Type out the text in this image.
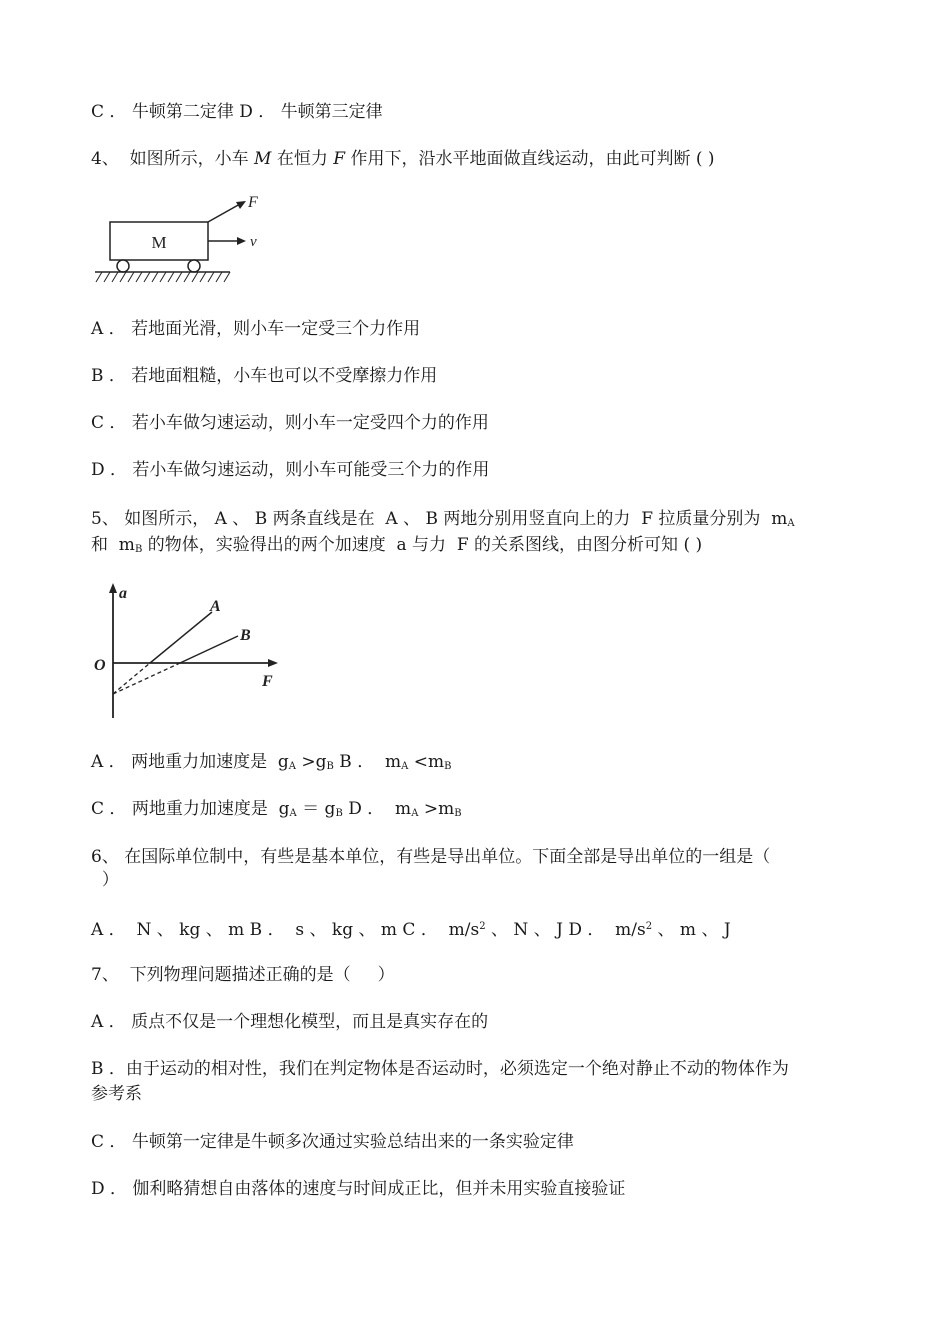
C ． 牛顿第二定律 D ． 牛顿第三定律
4、  如图所示，小车 M 在恒力 F 作用下，沿水平地面做直线运动，由此可判断 ( )
M
F
v
A ． 若地面光滑，则小车一定受三个力作用
B ． 若地面粗糙，小车也可以不受摩擦力作用
C ． 若小车做匀速运动，则小车一定受四个力的作用
D ． 若小车做匀速运动，则小车可能受三个力的作用
5、 如图所示， A 、 B 两条直线是在  A 、 B 两地分别用竖直向上的力  F 拉质量分别为  $m_A$
和  $m_B$ 的物体，实验得出的两个加速度  a 与力  F 的关系图线，由图分析可知 ( )
a
F
O
A
B
A ． 两地重力加速度是  $g_A >g_B$ B ．  $m_A <m_B$
C ． 两地重力加速度是  $g_A = g_B$ D ．  $m_A >m_B$
6、 在国际单位制中，有些是基本单位，有些是导出单位。下面全部是导出单位的一组是（
）
A ．  N 、 kg 、 m B ．  s 、 kg 、 m C ．  $m/s^2$ 、 N 、 J D ．  $m/s^2$ 、 m 、 J
7、  下列物理问题描述正确的是（     ）
A ． 质点不仅是一个理想化模型，而且是真实存在的
B ．由于运动的相对性，我们在判定物体是否运动时，必须选定一个绝对静止不动的物体作为
参考系
C ． 牛顿第一定律是牛顿多次通过实验总结出来的一条实验定律
D ． 伽利略猜想自由落体的速度与时间成正比，但并未用实验直接验证
